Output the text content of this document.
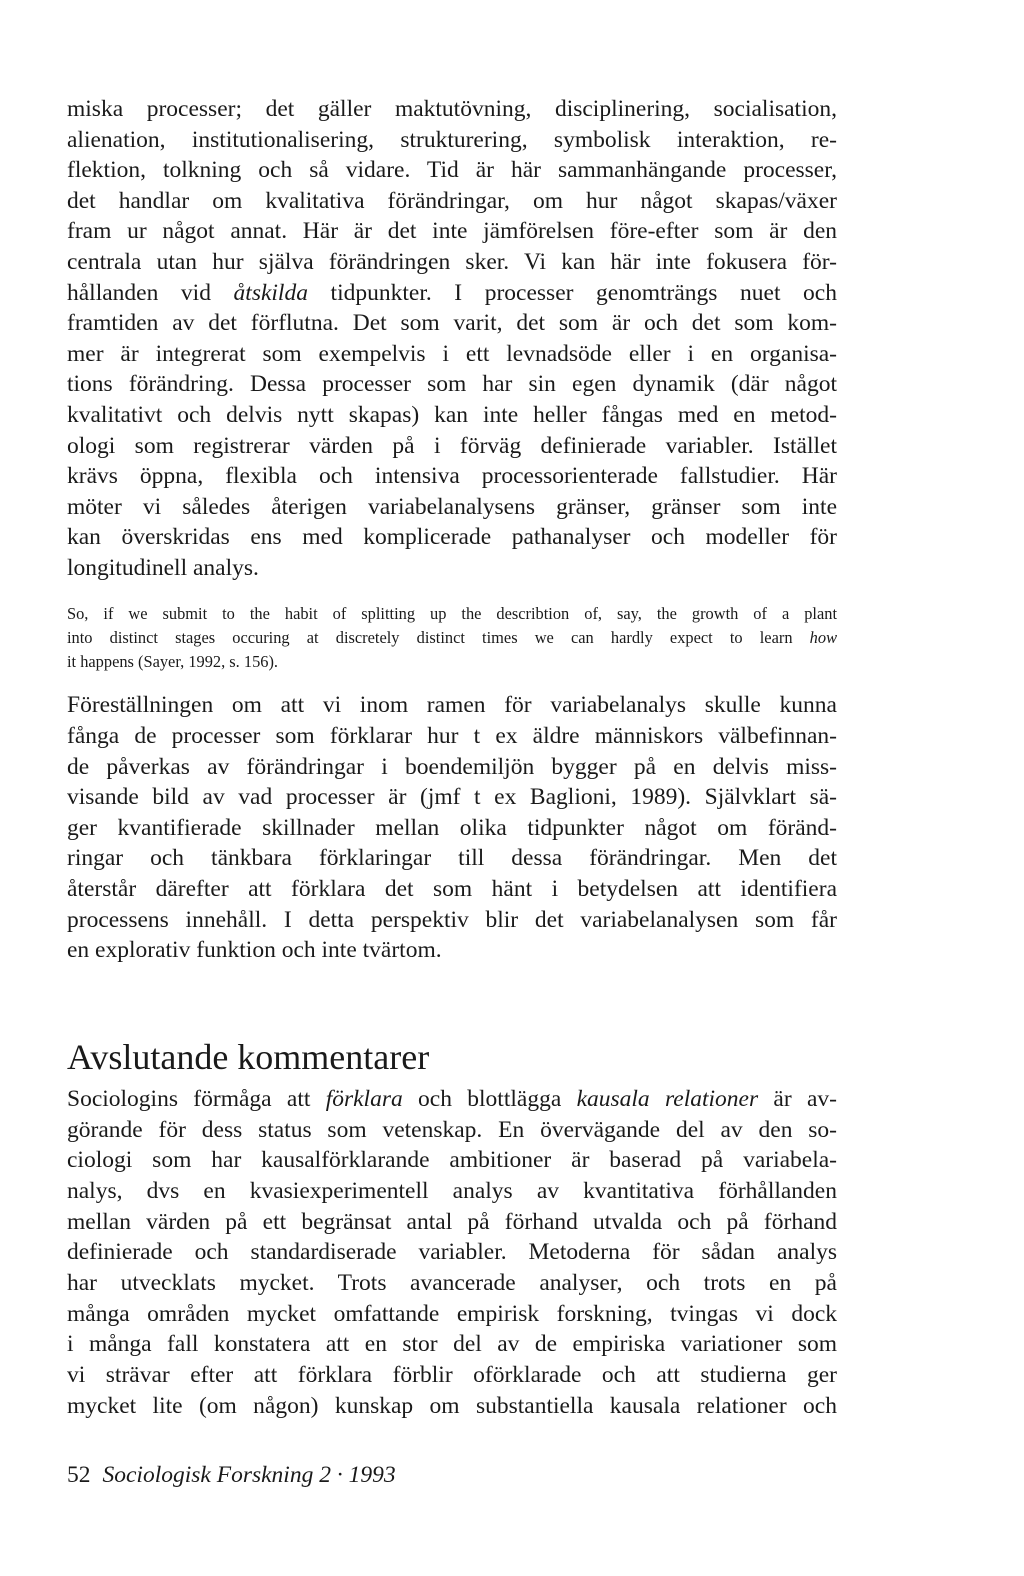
miska processer; det gäller maktutövning, disciplinering, socialisation,
alienation, institutionalisering, strukturering, symbolisk interaktion, re-
flektion, tolkning och så vidare. Tid är här sammanhängande processer,
det handlar om kvalitativa förändringar, om hur något skapas/växer
fram ur något annat. Här är det inte jämförelsen före-efter som är den
centrala utan hur själva förändringen sker. Vi kan här inte fokusera för-
hållanden vid åtskilda tidpunkter. I processer genomträngs nuet och
framtiden av det förflutna. Det som varit, det som är och det som kom-
mer är integrerat som exempelvis i ett levnadsöde eller i en organisa-
tions förändring. Dessa processer som har sin egen dynamik (där något
kvalitativt och delvis nytt skapas) kan inte heller fångas med en metod-
ologi som registrerar värden på i förväg definierade variabler. Istället
krävs öppna, flexibla och intensiva processorienterade fallstudier. Här
möter vi således återigen variabelanalysens gränser, gränser som inte
kan överskridas ens med komplicerade pathanalyser och modeller för
longitudinell analys.
So, if we submit to the habit of splitting up the describtion of, say, the growth of a plant
into distinct stages occuring at discretely distinct times we can hardly expect to learn how
it happens (Sayer, 1992, s. 156).
Föreställningen om att vi inom ramen för variabelanalys skulle kunna
fånga de processer som förklarar hur t ex äldre människors välbefinnan-
de påverkas av förändringar i boendemiljön bygger på en delvis miss-
visande bild av vad processer är (jmf t ex Baglioni, 1989). Självklart sä-
ger kvantifierade skillnader mellan olika tidpunkter något om föränd-
ringar och tänkbara förklaringar till dessa förändringar. Men det
återstår därefter att förklara det som hänt i betydelsen att identifiera
processens innehåll. I detta perspektiv blir det variabelanalysen som får
en explorativ funktion och inte tvärtom.
Avslutande kommentarer
Sociologins förmåga att förklara och blottlägga kausala relationer är av-
görande för dess status som vetenskap. En övervägande del av den so-
ciologi som har kausalförklarande ambitioner är baserad på variabela-
nalys, dvs en kvasiexperimentell analys av kvantitativa förhållanden
mellan värden på ett begränsat antal på förhand utvalda och på förhand
definierade och standardiserade variabler. Metoderna för sådan analys
har utvecklats mycket. Trots avancerade analyser, och trots en på
många områden mycket omfattande empirisk forskning, tvingas vi dock
i många fall konstatera att en stor del av de empiriska variationer som
vi strävar efter att förklara förblir oförklarade och att studierna ger
mycket lite (om någon) kunskap om substantiella kausala relationer och
52 Sociologisk Forskning 2 · 1993
